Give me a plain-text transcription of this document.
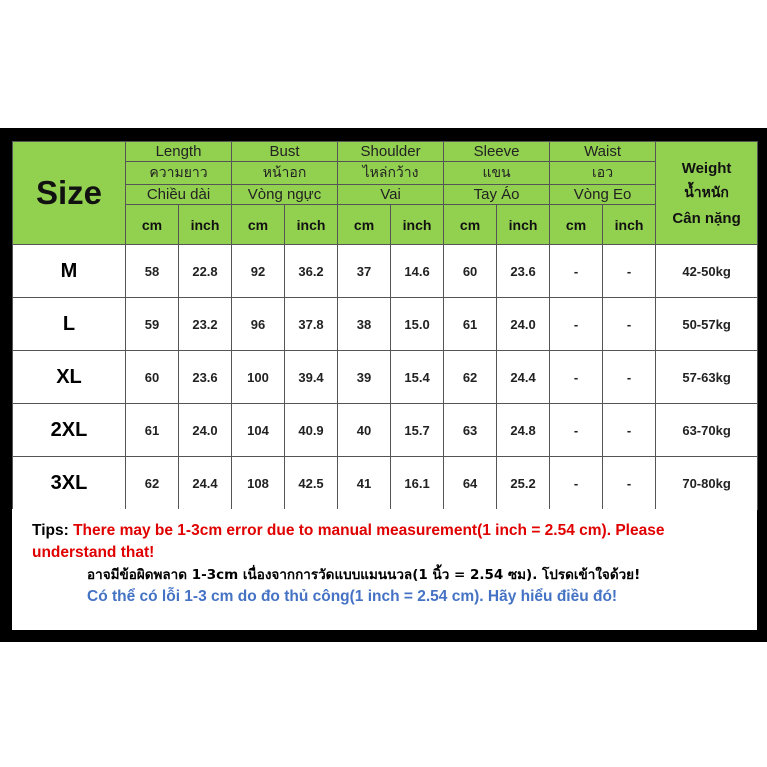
Size	Length		Bust		Shoulder		Sleeve		Waist		Weight
น้ำหนัก
Cân nặng

	ความยาว		หน้าอก		ไหล่กว้าง		แขน		เอว		
	Chiều dài		Vòng ngực		Vai		Tay Áo		Vòng Eo		
	cm	inch	cm	inch	cm	inch	cm	inch	cm	inch	
M	58	22.8	92	36.2	37	14.6	60	23.6	-	-	42-50kg
L	59	23.2	96	37.8	38	15.0	61	24.0	-	-	50-57kg
XL	60	23.6	100	39.4	39	15.4	62	24.4	-	-	57-63kg
2XL	61	24.0	104	40.9	40	15.7	63	24.8	-	-	63-70kg
3XL	62	24.4	108	42.5	41	16.1	64	25.2	-	-	70-80kg
Tips: There may be 1-3cm error due to manual measurement(1 inch = 2.54 cm). Please understand that!
อาจมีข้อผิดพลาด 1-3cm เนื่องจากการวัดแบบแมนนวล(1 นิ้ว = 2.54 ซม). โปรดเข้าใจด้วย!
Có thể có lỗi 1-3 cm do đo thủ công(1 inch = 2.54 cm). Hãy hiểu điều đó!
